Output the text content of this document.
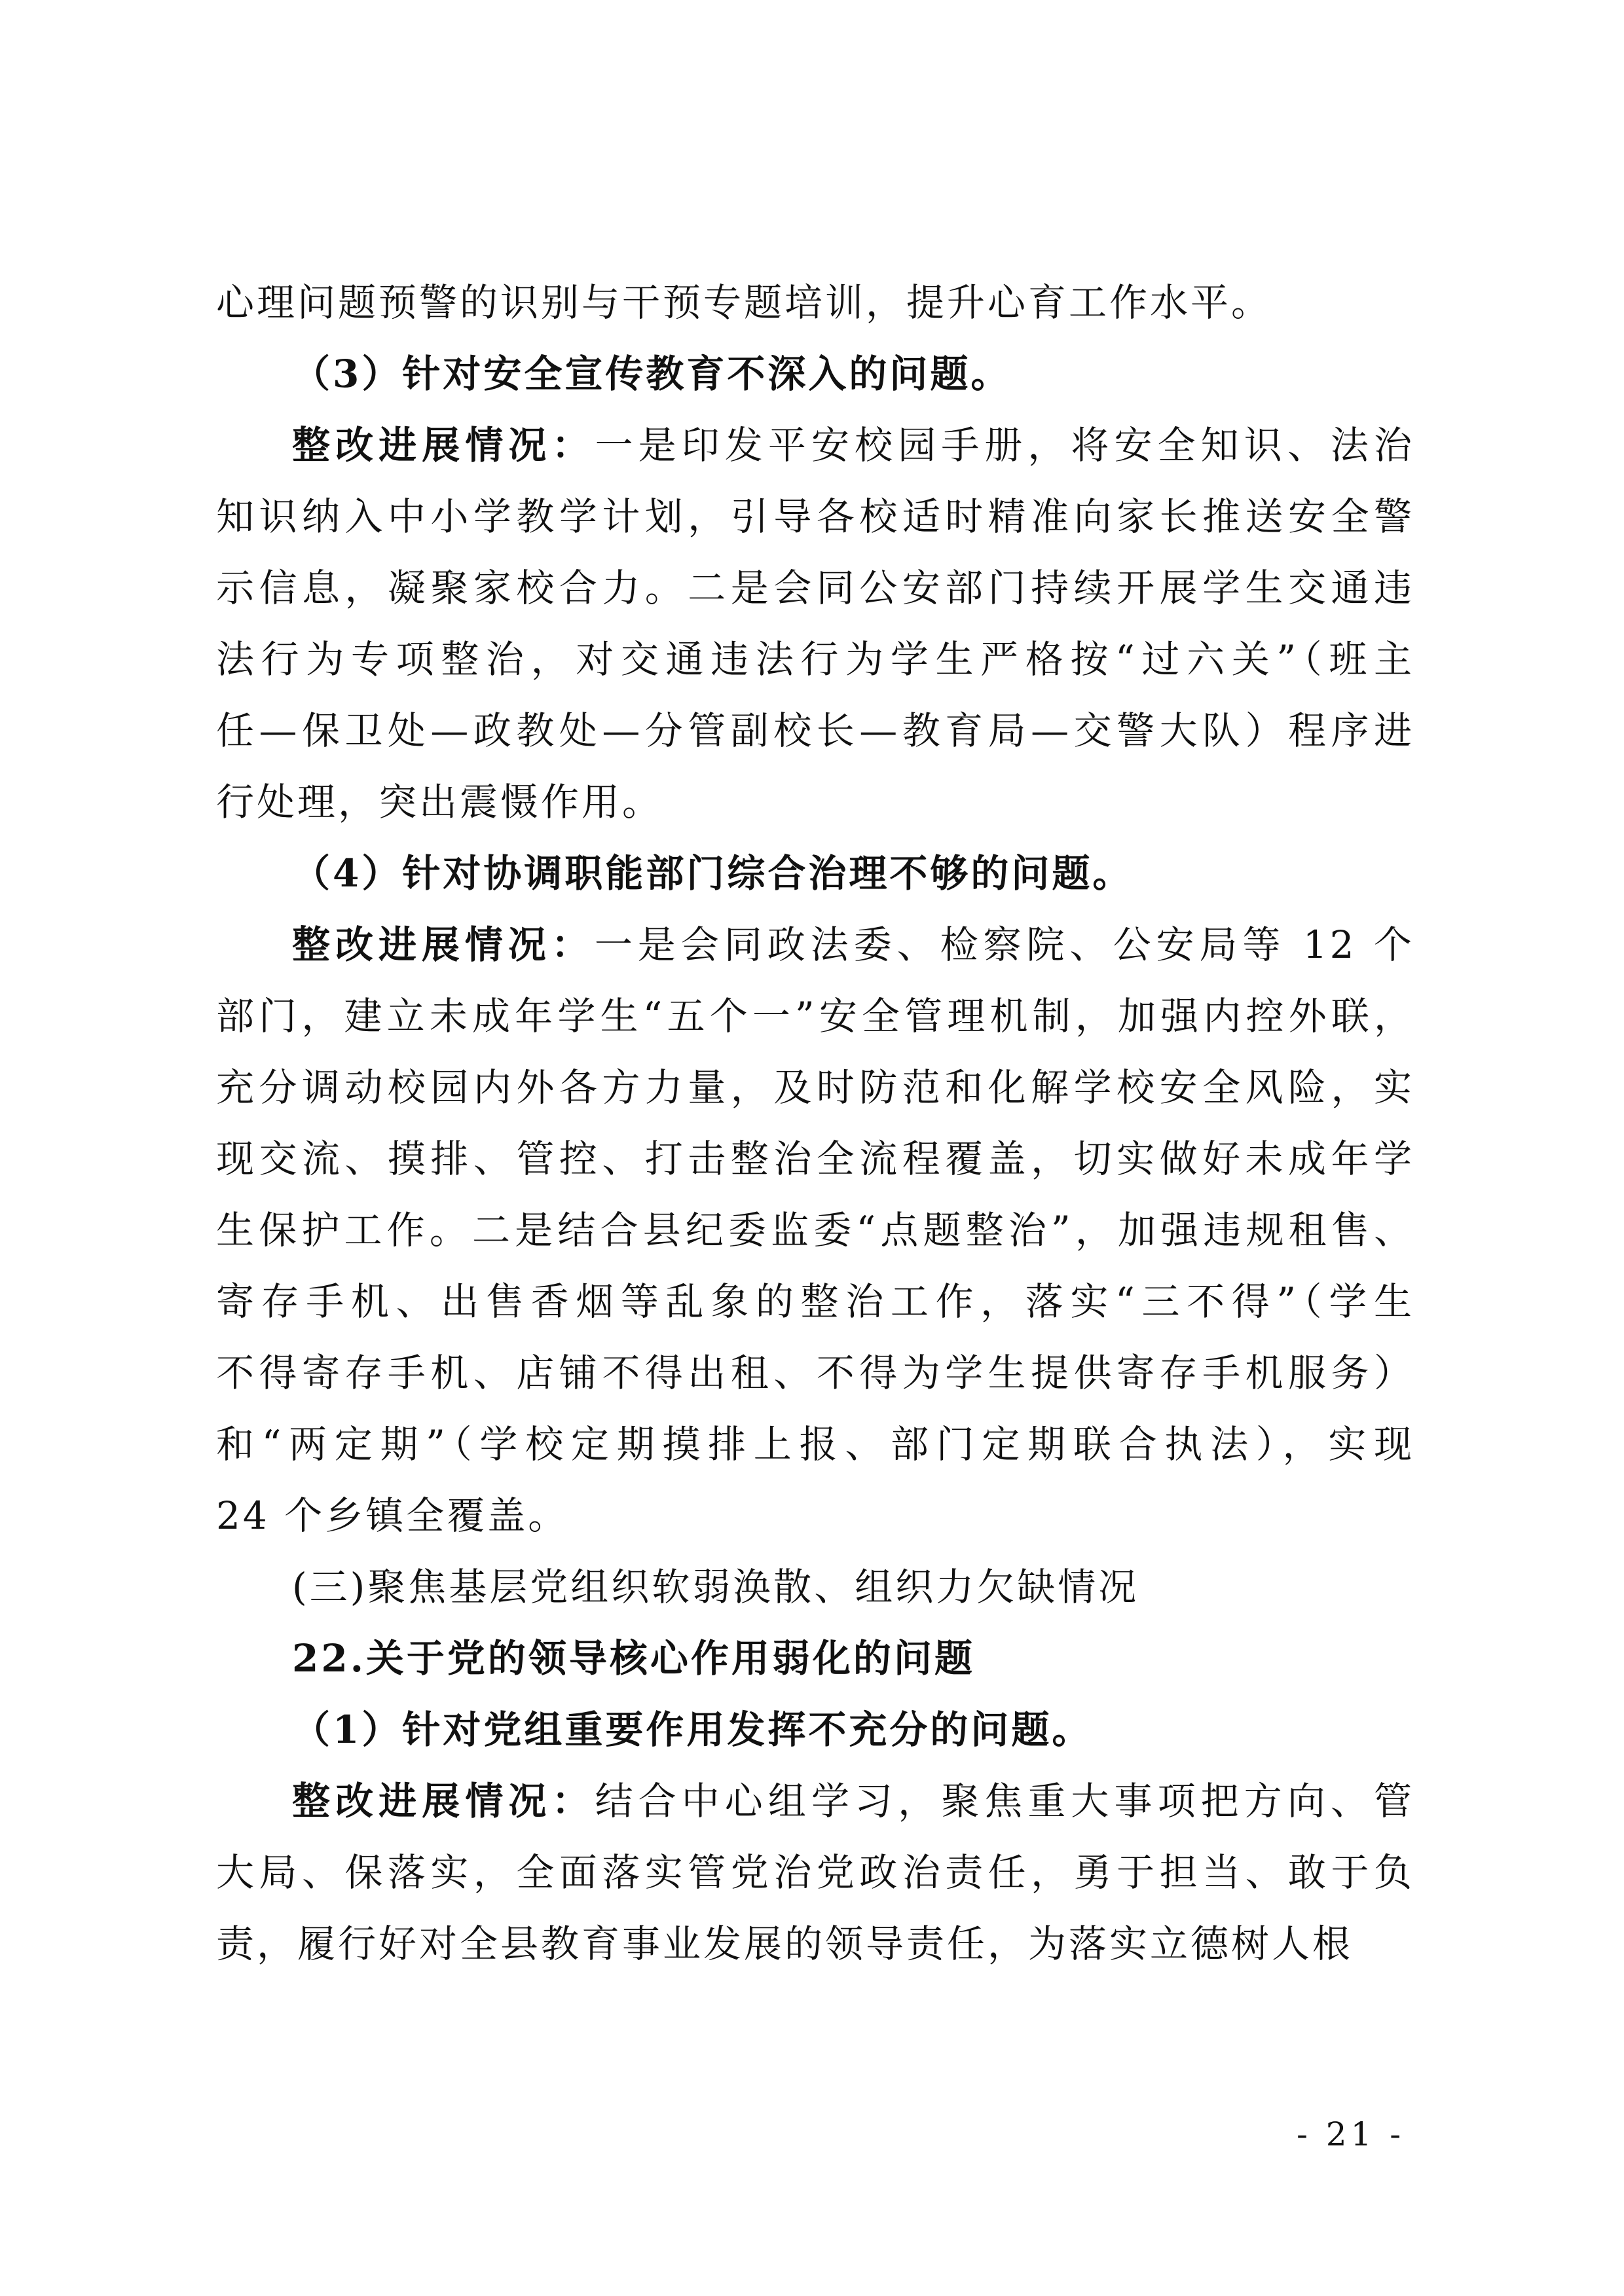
心理问题预警的识别与干预专题培训，提升心育工作水平。
（3）针对安全宣传教育不深入的问题。
整改进展情况：一是印发平安校园手册，将安全知识、法治
知识纳入中小学教学计划，引导各校适时精准向家长推送安全警
示信息，凝聚家校合力。二是会同公安部门持续开展学生交通违
法行为专项整治，对交通违法行为学生严格按“过六关”（班主
任—保卫处—政教处—分管副校长—教育局—交警大队）程序进
行处理，突出震慑作用。
（4）针对协调职能部门综合治理不够的问题。
整改进展情况：一是会同政法委、检察院、公安局等 12 个
部门，建立未成年学生“五个一”安全管理机制，加强内控外联，
充分调动校园内外各方力量，及时防范和化解学校安全风险，实
现交流、摸排、管控、打击整治全流程覆盖，切实做好未成年学
生保护工作。二是结合县纪委监委“点题整治”，加强违规租售、
寄存手机、出售香烟等乱象的整治工作，落实“三不得”（学生
不得寄存手机、店铺不得出租、不得为学生提供寄存手机服务）
和“两定期”（学校定期摸排上报、部门定期联合执法），实现
24 个乡镇全覆盖。
(三)聚焦基层党组织软弱涣散、组织力欠缺情况
22.关于党的领导核心作用弱化的问题
（1）针对党组重要作用发挥不充分的问题。
整改进展情况：结合中心组学习，聚焦重大事项把方向、管
大局、保落实，全面落实管党治党政治责任，勇于担当、敢于负
责，履行好对全县教育事业发展的领导责任，为落实立德树人根
- 21 -
